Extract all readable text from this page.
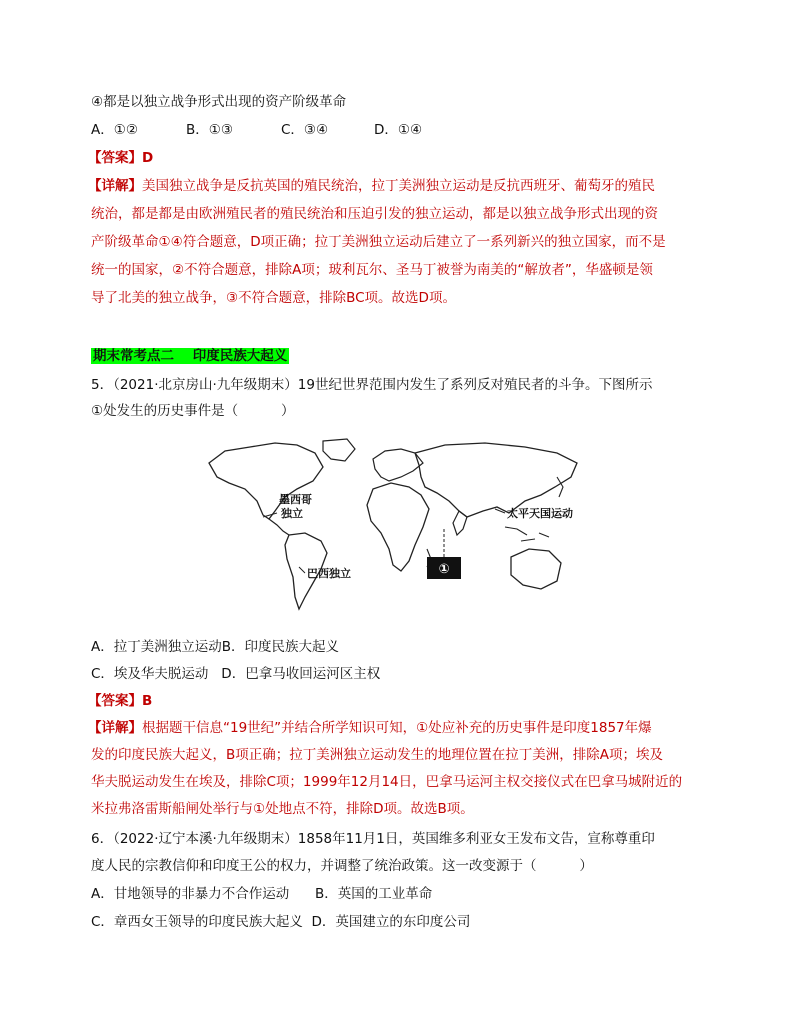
④都是以独立战争形式出现的资产阶级革命
A．①②	B．①③	C．③④	D．①④
【答案】D
【详解】美国独立战争是反抗英国的殖民统治，拉丁美洲独立运动是反抗西班牙、葡萄牙的殖民
统治，都是都是由欧洲殖民者的殖民统治和压迫引发的独立运动，都是以独立战争形式出现的资
产阶级革命①④符合题意，D项正确；拉丁美洲独立运动后建立了一系列新兴的独立国家，而不是
统一的国家，②不符合题意，排除A项；玻利瓦尔、圣马丁被誉为南美的“解放者”，华盛顿是领
导了北美的独立战争，③不符合题意，排除BC项。故选D项。
期末常考点二    印度民族大起义
5．（2021·北京房山·九年级期末）19世纪世界范围内发生了系列反对殖民者的斗争。下图所示
①处发生的历史事件是（          ）
墨西哥
独立
巴西独立
太平天国运动
①
A．拉丁美洲独立运动B．印度民族大起义
C．埃及华夫脱运动   D．巴拿马收回运河区主权
【答案】B
【详解】根据题干信息“19世纪”并结合所学知识可知，①处应补充的历史事件是印度1857年爆
发的印度民族大起义，B项正确；拉丁美洲独立运动发生的地理位置在拉丁美洲，排除A项；埃及
华夫脱运动发生在埃及，排除C项；1999年12月14日，巴拿马运河主权交接仪式在巴拿马城附近的
米拉弗洛雷斯船闸处举行与①处地点不符，排除D项。故选B项。
6．（2022·辽宁本溪·九年级期末）1858年11月1日，英国维多利亚女王发布文告，宣称尊重印
度人民的宗教信仰和印度王公的权力，并调整了统治政策。这一改变源于（          ）
A．甘地领导的非暴力不合作运动      B．英国的工业革命
C．章西女王领导的印度民族大起义  D．英国建立的东印度公司
